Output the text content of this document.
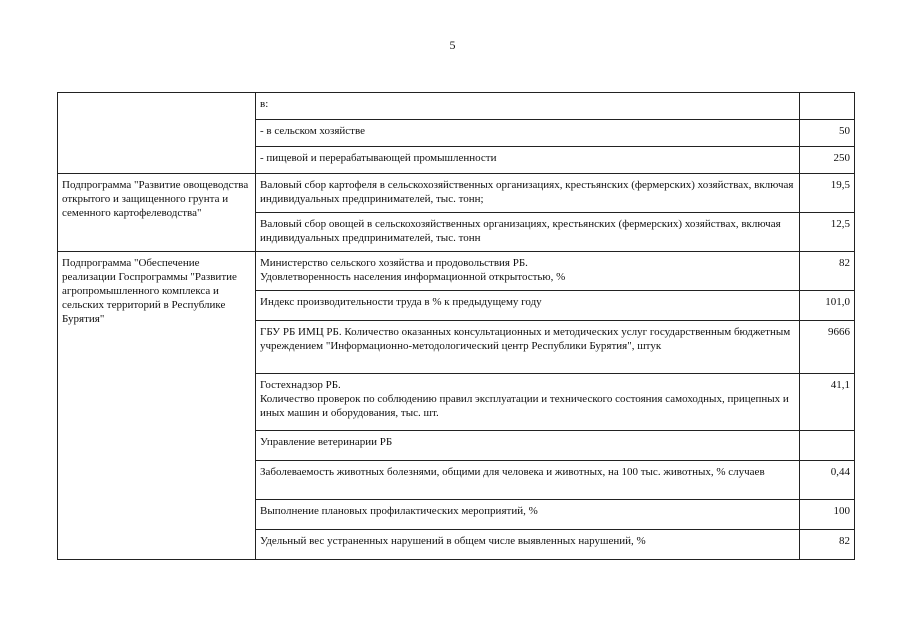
5
	в:	
	- в сельском хозяйстве	50
	- пищевой и перерабатывающей промышленности	250
Подпрограмма "Развитие овощеводства открытого и защищенного грунта и семенного картофелеводства"	Валовый сбор картофеля в сельскохозяйственных организациях, крестьянских (фермерских) хозяйствах, включая индивидуальных предпринимателей, тыс. тонн;	19,5
	Валовый сбор овощей в сельскохозяйственных организациях, крестьянских (фермерских) хозяйствах, включая индивидуальных предпринимателей, тыс. тонн	12,5
Подпрограмма "Обеспечение реализации Госпрограммы "Развитие агропромышленного комплекса и сельских территорий в Республике Бурятия"	Министерство сельского хозяйства и продовольствия РБ.
Удовлетворенность населения информационной открытостью, %	82
	Индекс производительности труда в % к предыдущему году	101,0
	ГБУ РБ ИМЦ РБ. Количество оказанных консультационных и методических услуг государственным бюджетным учреждением "Информационно-методологический центр Республики Бурятия", штук	9666
	Гостехнадзор РБ.
Количество проверок по соблюдению правил эксплуатации и технического состояния самоходных, прицепных и иных машин и оборудования, тыс. шт.	41,1
	Управление ветеринарии РБ	
	Заболеваемость животных болезнями, общими для человека и животных, на 100 тыс. животных, % случаев	0,44
	Выполнение плановых профилактических мероприятий, %	100
	Удельный вес устраненных нарушений в общем числе выявленных нарушений, %	82
